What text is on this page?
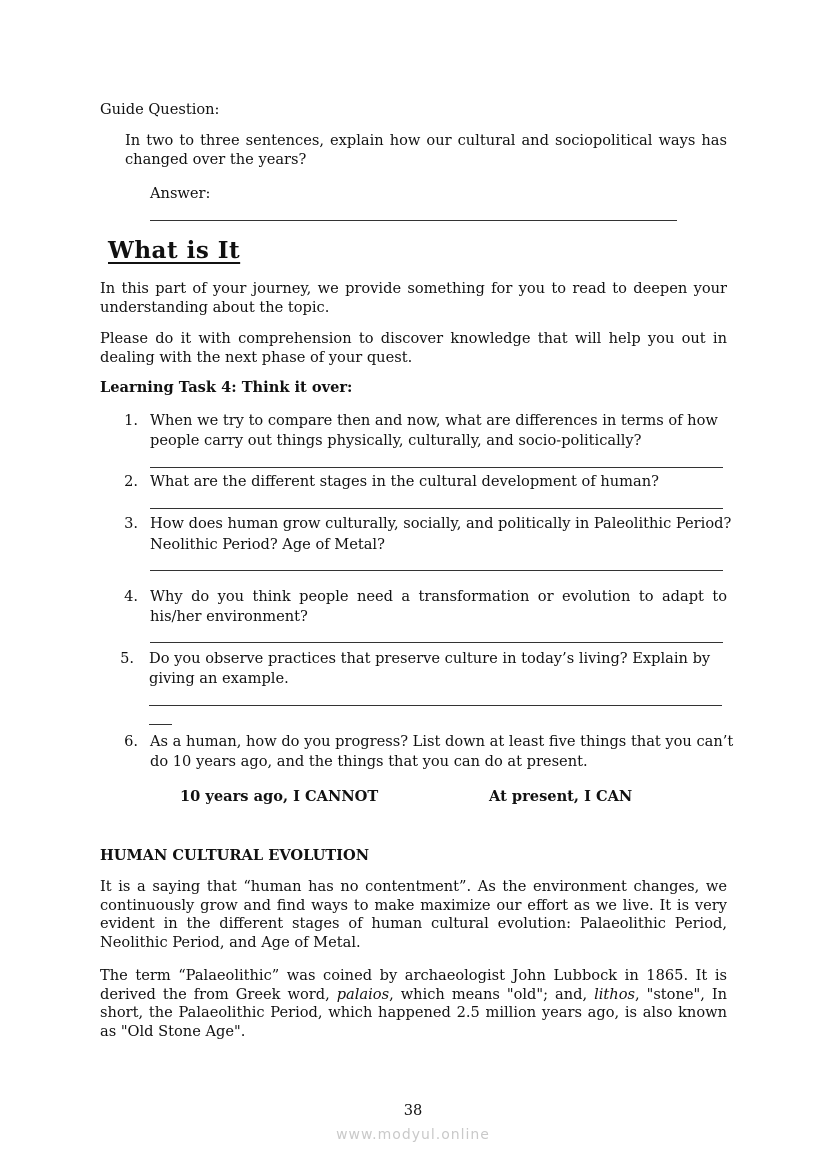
Guide Question:
In two to three sentences, explain how our cultural and sociopolitical ways has changed over the years?
Answer:
What is It
In this part of your journey, we provide something for you to read to deepen your understanding about the topic.
Please do it with comprehension to discover knowledge that will help you out in dealing with the next phase of your quest.
Learning Task 4: Think it over:
1. When we try to compare then and now, what are differences in terms of how
people carry out things physically, culturally, and socio-politically?
2. What are the different stages in the cultural development of human?
3. How does human grow culturally, socially, and politically in Paleolithic Period?
Neolithic Period? Age of Metal?
4. Why do you think people need a transformation or evolution to adapt to
his/her environment?
5. Do you observe practices that preserve culture in today’s living? Explain by
giving an example.
6. As a human, how do you progress? List down at least five things that you can’t
do 10 years ago, and the things that you can do at present.
10 years ago, I CANNOT	At present, I CAN
HUMAN CULTURAL EVOLUTION
It is a saying that “human has no contentment”. As the environment changes, we continuously grow and find ways to make maximize our effort as we live. It is very evident in the different stages of human cultural evolution: Palaeolithic Period, Neolithic Period, and Age of Metal.
The term “Palaeolithic” was coined by archaeologist John Lubbock in 1865. It is derived the from Greek word, palaios, which means "old"; and, lithos, "stone", In short, the Palaeolithic Period, which happened 2.5 million years ago, is also known as "Old Stone Age".
38
www.modyul.online
